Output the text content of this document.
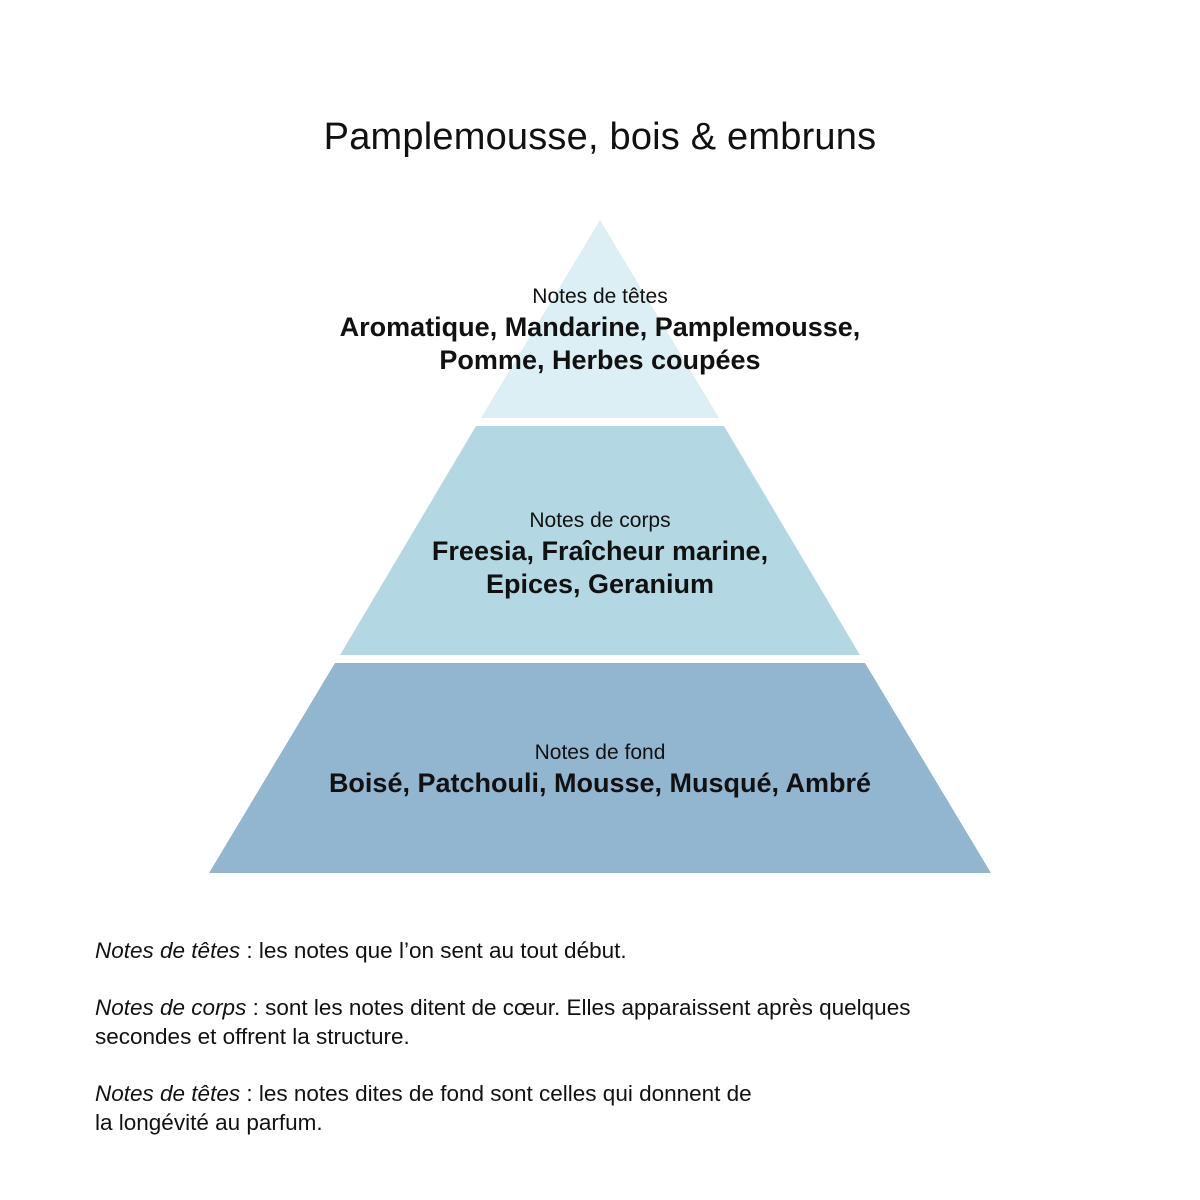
Pamplemousse, bois & embruns
Notes de têtes
Aromatique, Mandarine, Pamplemousse,
Pomme, Herbes coupées
Notes de corps
Freesia, Fraîcheur marine,
Epices, Geranium
Notes de fond
Boisé, Patchouli, Mousse, Musqué, Ambré

Notes de têtes : les notes que l’on sent au tout début.

Notes de corps : sont les notes ditent de cœur. Elles apparaissent après quelques
secondes et offrent la structure.

Notes de têtes : les notes dites de fond sont celles qui donnent de
la longévité au parfum.
